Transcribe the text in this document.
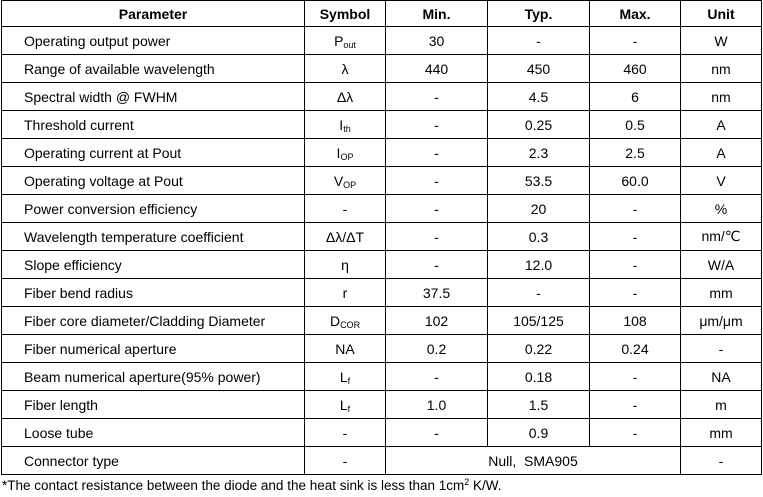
Parameter	Symbol	Min.	Typ.	Max.	Unit
Operating output power	$P_{out}$	30	-	-	W
Range of available wavelength	λ	440	450	460	nm
Spectral width @ FWHM	Δλ	-	4.5	6	nm
Threshold current	$I_{th}$	-	0.25	0.5	A
Operating current at Pout	$I_{OP}$	-	2.3	2.5	A
Operating voltage at Pout	$V_{OP}$	-	53.5	60.0	V
Power conversion efficiency	-	-	20	-	%
Wavelength temperature coefficient	Δλ/ΔT	-	0.3	-	nm/℃
Slope efficiency	η	-	12.0	-	W/A
Fiber bend radius	r	37.5	-	-	mm
Fiber core diameter/Cladding Diameter	$D_{COR}$	102	105/125	108	μm/μm
Fiber numerical aperture	NA	0.2	0.22	0.24	-
Beam numerical aperture(95% power)	$L_f$	-	0.18	-	NA
Fiber length	$L_f$	1.0	1.5	-	m
Loose tube	-	-	0.9	-	mm
Connector type	-	Null,  SMA905			-
*The contact resistance between the diode and the heat sink is less than $1cm^2$ K/W.
